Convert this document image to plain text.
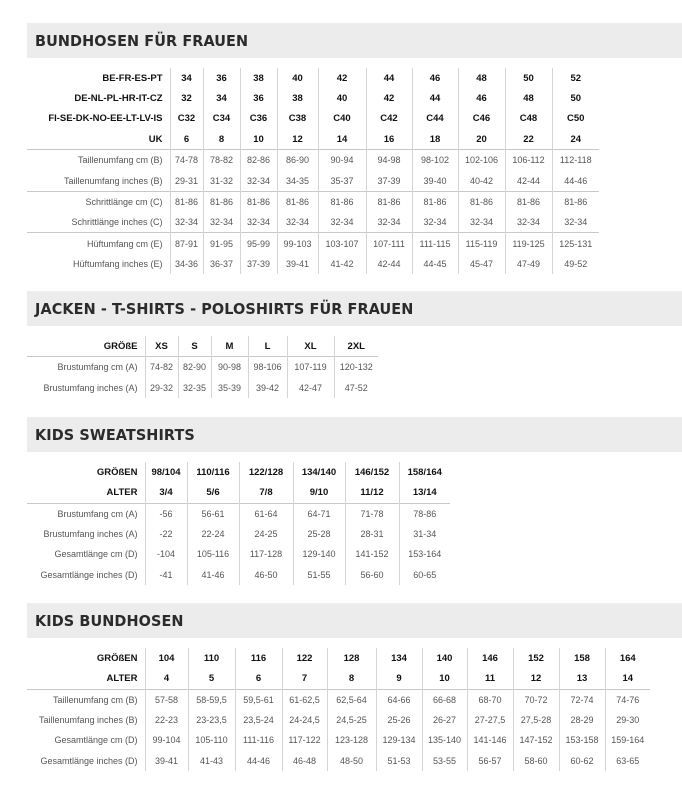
BUNDHOSEN FÜR FRAUEN
BE-FR-ES-PT	34	36	38	40	42	44	46	48	50	52
DE-NL-PL-HR-IT-CZ	32	34	36	38	40	42	44	46	48	50
FI-SE-DK-NO-EE-LT-LV-IS	C32	C34	C36	C38	C40	C42	C44	C46	C48	C50
UK	6	8	10	12	14	16	18	20	22	24
Taillenumfang cm (B)	74-78	78-82	82-86	86-90	90-94	94-98	98-102	102-106	106-112	112-118
Taillenumfang inches (B)	29-31	31-32	32-34	34-35	35-37	37-39	39-40	40-42	42-44	44-46
Schrittlänge cm (C)	81-86	81-86	81-86	81-86	81-86	81-86	81-86	81-86	81-86	81-86
Schrittlänge inches (C)	32-34	32-34	32-34	32-34	32-34	32-34	32-34	32-34	32-34	32-34
Hüftumfang cm (E)	87-91	91-95	95-99	99-103	103-107	107-111	111-115	115-119	119-125	125-131
Hüftumfang inches (E)	34-36	36-37	37-39	39-41	41-42	42-44	44-45	45-47	47-49	49-52
JACKEN - T-SHIRTS - POLOSHIRTS FÜR FRAUEN
GRÖßE	XS	S	M	L	XL	2XL
Brustumfang cm (A)	74-82	82-90	90-98	98-106	107-119	120-132
Brustumfang inches (A)	29-32	32-35	35-39	39-42	42-47	47-52
KIDS SWEATSHIRTS
GRÖßEN	98/104	110/116	122/128	134/140	146/152	158/164
ALTER	3/4	5/6	7/8	9/10	11/12	13/14
Brustumfang cm (A)	-56	56-61	61-64	64-71	71-78	78-86
Brustumfang inches (A)	-22	22-24	24-25	25-28	28-31	31-34
Gesamtlänge cm (D)	-104	105-116	117-128	129-140	141-152	153-164
Gesamtlänge inches (D)	-41	41-46	46-50	51-55	56-60	60-65
KIDS BUNDHOSEN
GRÖßEN	104	110	116	122	128	134	140	146	152	158	164
ALTER	4	5	6	7	8	9	10	11	12	13	14
Taillenumfang cm (B)	57-58	58-59,5	59,5-61	61-62,5	62,5-64	64-66	66-68	68-70	70-72	72-74	74-76
Taillenumfang inches (B)	22-23	23-23,5	23,5-24	24-24,5	24,5-25	25-26	26-27	27-27,5	27,5-28	28-29	29-30
Gesamtlänge cm (D)	99-104	105-110	111-116	117-122	123-128	129-134	135-140	141-146	147-152	153-158	159-164
Gesamtlänge inches (D)	39-41	41-43	44-46	46-48	48-50	51-53	53-55	56-57	58-60	60-62	63-65
